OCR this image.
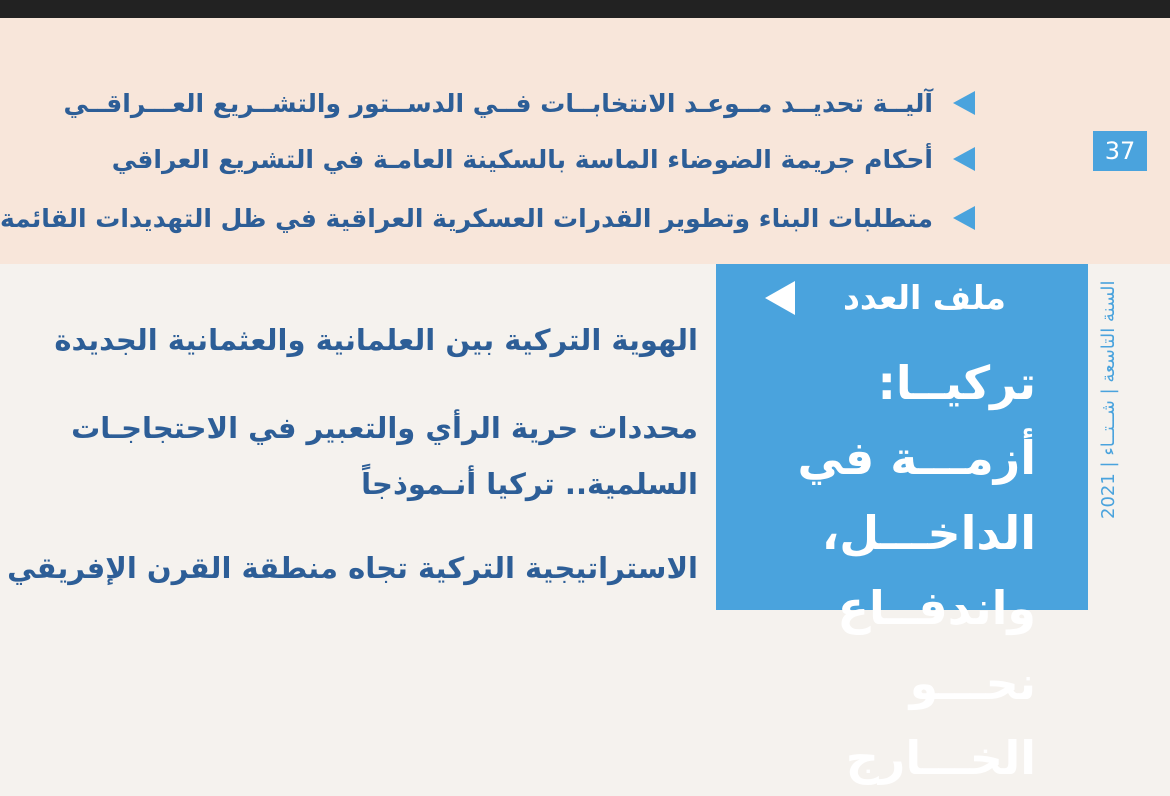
37
آليــة تحديــد مــوعـد الانتخابــات فــي الدســتور والتشــريع العـــراقــي
أحكام جريمة الضوضاء الماسة بالسكينة العامـة في التشريع العراقي
متطلبات البناء وتطوير القدرات العسكرية العراقية في ظل التهديدات القائمة
الهوية التركية بين العلمانية والعثمانية الجديدة
محددات حرية الرأي والتعبير في الاحتجاجـات
السلمية.. تركيا أنـموذجاً
الاستراتيجية التركية تجاه منطقة القرن الإفريقي
ملف العدد
تركيــا: أزمـــة في الداخـــل، واندفــاع نحـــو الخـــارج
السنة التاسعة | شــتــاء | 2021
